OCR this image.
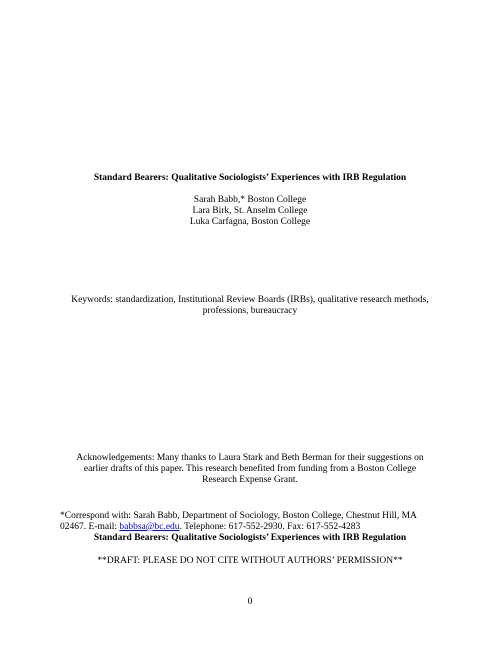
Standard Bearers: Qualitative Sociologists’ Experiences with IRB Regulation
Sarah Babb,* Boston College
Lara Birk, St. Anselm College
Luka Carfagna, Boston College
Keywords: standardization, Institutional Review Boards (IRBs), qualitative research methods,
professions, bureaucracy
Acknowledgements: Many thanks to Laura Stark and Beth Berman for their suggestions on
earlier drafts of this paper. This research benefited from funding from a Boston College
Research Expense Grant.
*Correspond with: Sarah Babb, Department of Sociology, Boston College, Chestnut Hill, MA
02467. E-mail: babbsa@bc.edu. Telephone: 617-552-2930. Fax: 617-552-4283
Standard Bearers: Qualitative Sociologists’ Experiences with IRB Regulation
**DRAFT: PLEASE DO NOT CITE WITHOUT AUTHORS’ PERMISSION**
0
